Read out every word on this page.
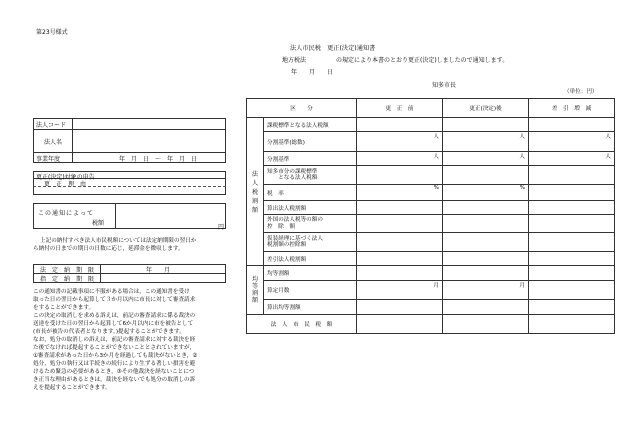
第23号様式
法人市民税　更正(決定)通知書
地方税法　　　　　の規定により本書のとおり更正(決定)しましたので通知します。
年　　月　　日
知多市長
（単位：円）
法人コード
法人名
事業年度	年　月　日　～　年　月　日
更正(決定)対象の申告
更　正　理　由
この通知によって
税額
円
上記の納付すべき法人市民税額については法定納期限の翌日か
ら納付の日までの期日の日数に応じ，延滞金を徴収します。
法　定　納　期　限	年　　月
指　定　納　期　限
この通知書の記載事項に不服がある場合は，この通知書を受け
取った日の翌日から起算して３か月以内に市長に対して審査請求
をすることができます。
この決定の取消しを求める訴えは，前記の審査請求に係る裁決の
送達を受けた日の翌日から起算して6か月以内に市を被告として
(市長が被告の代表者となります。)提起することができます。
なお，処分の取消しの訴えは，前記の審査請求に対する裁決を経
た後でなければ提起することができないこととされていますが，
①審査請求があった日から3か月を経過しても裁決がないとき，②
処分，処分の執行又は手続きの続行により生ずる著しい損害を避
けるため緊急の必要があるとき，③その他裁決を経ないことにつ
き正当な理由があるときは，裁決を経ないでも処分の取消しの訴
えを提起することができます。
区　　分		更　正　前	更正(決定)後	差　引　増　減

法
人
税
割
額	課税標準となる法人税額			
	分割基準(総数)	人	人	人
	分割基準	人	人	人
	知多市分の課税標準
　　となる法人税額			
	税　率	%	%	
	算出法人税割額			
	外国の法人税等の額の
控　除　額			
	仮装経理に基づく法人
税割額の控除額			
	差引法人税割額			

均
等
割
額	均等割額			
	算定月数	月	月	
	算出均等割額			
法　人　市　民　税　額				
